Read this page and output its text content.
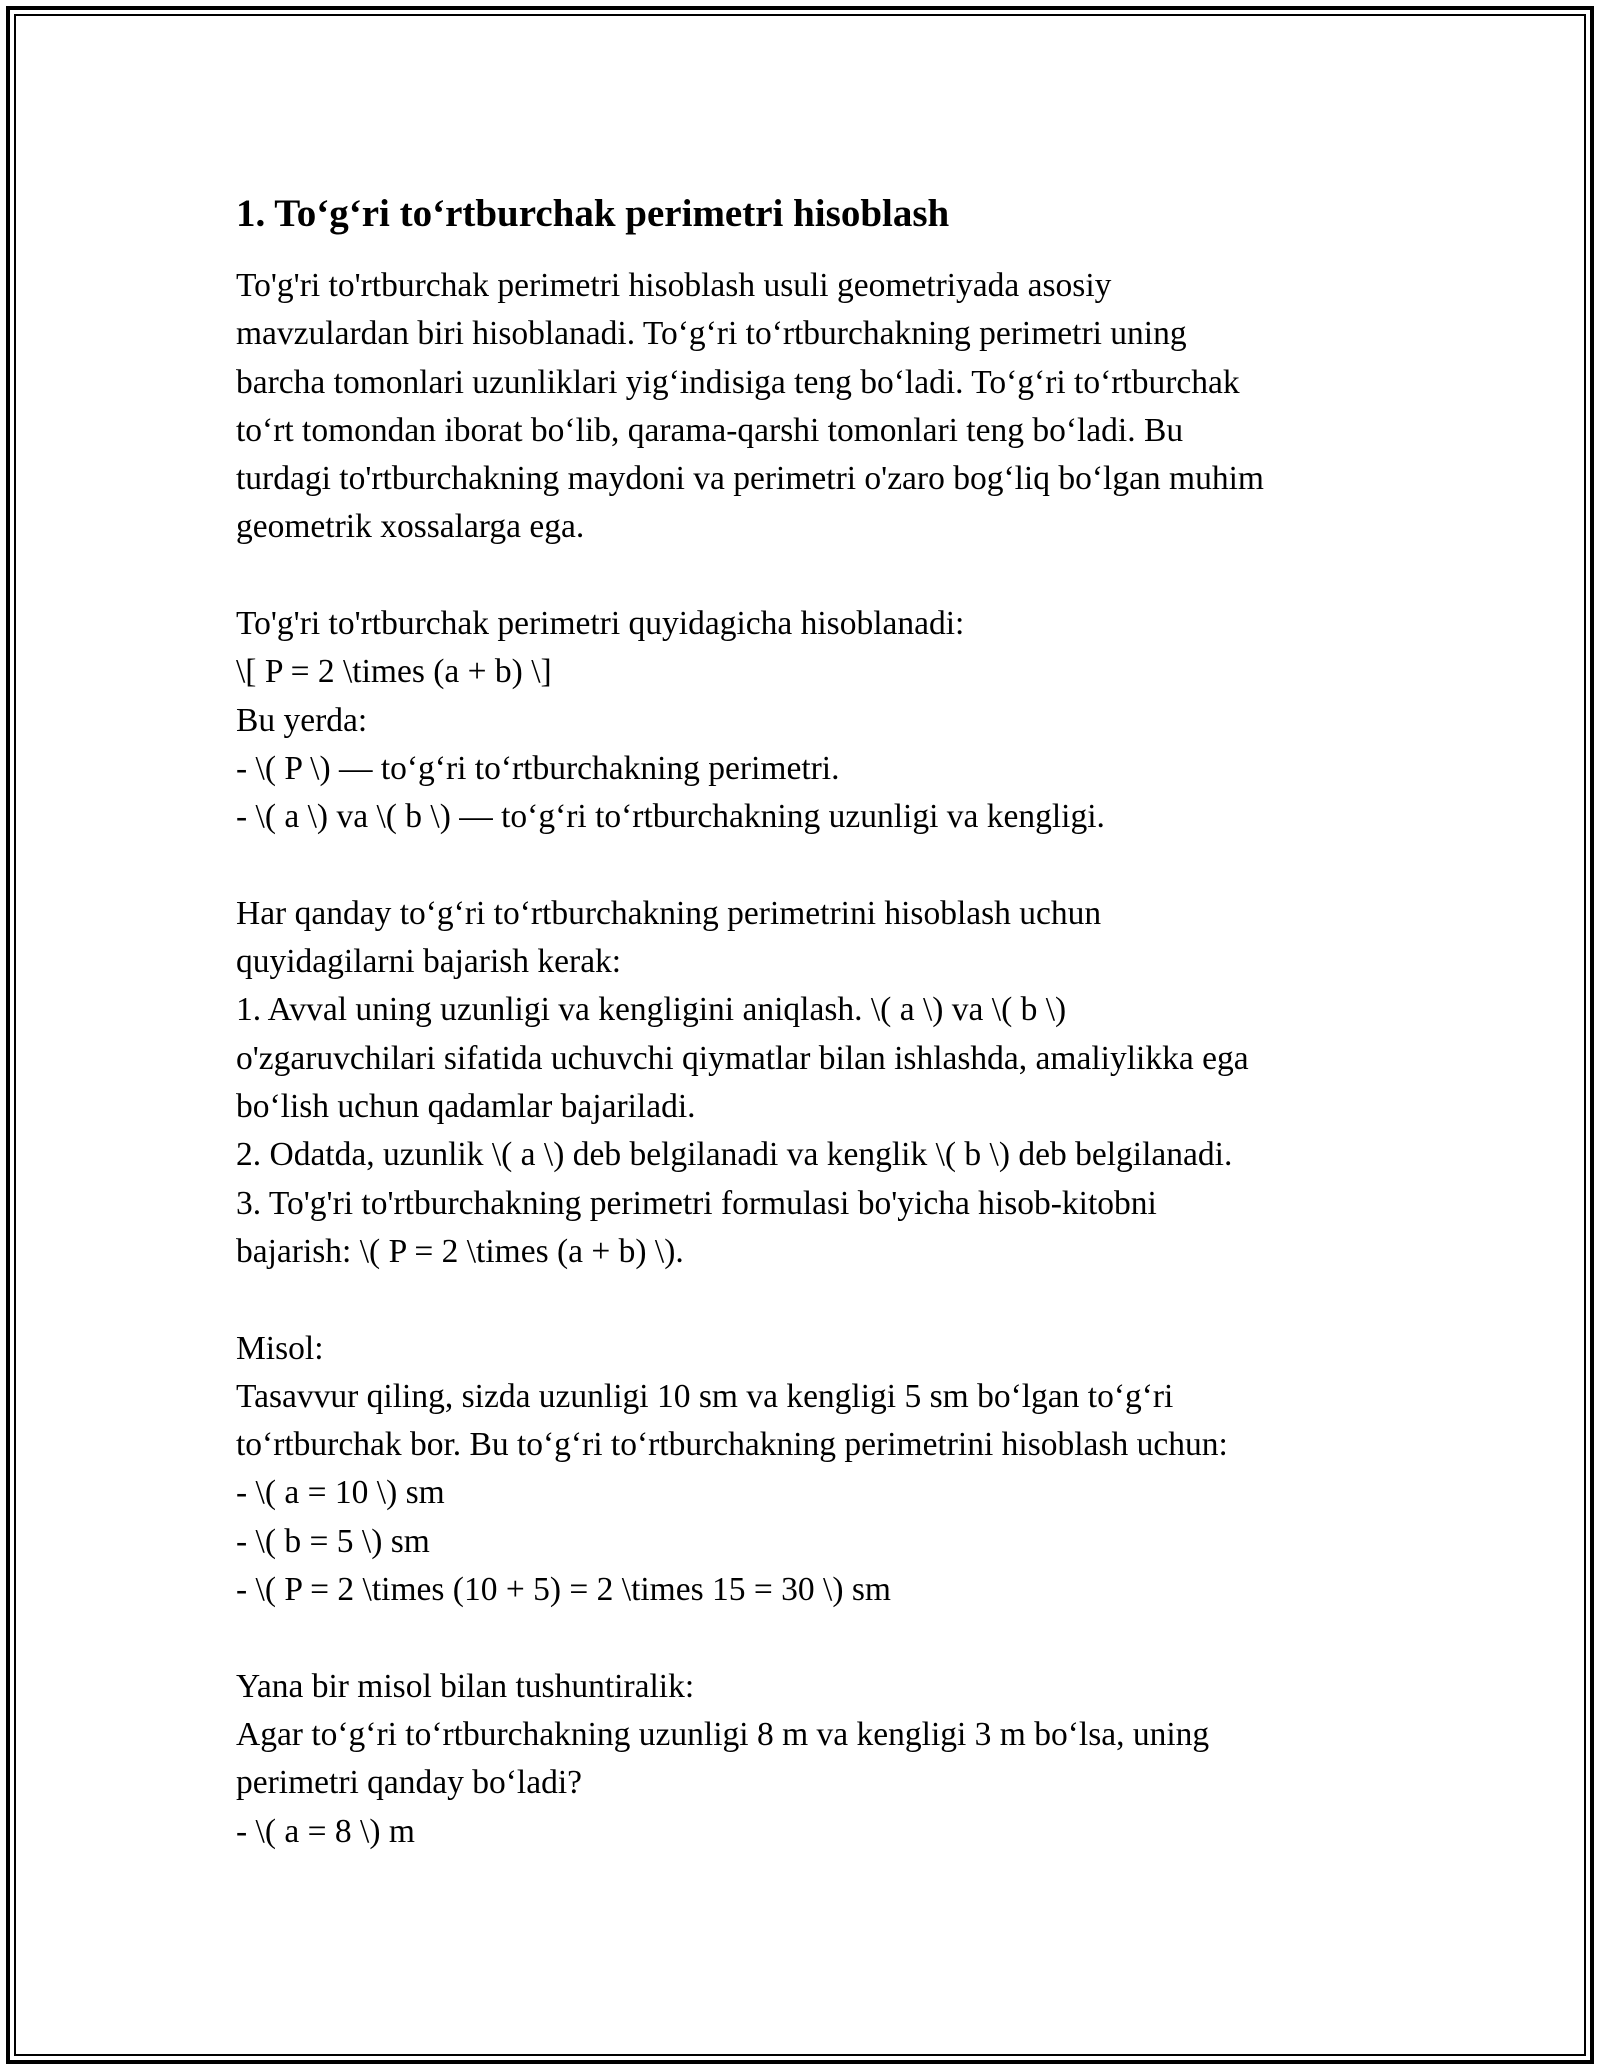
1. To‘g‘ri to‘rtburchak perimetri hisoblash
To'g'ri to'rtburchak perimetri hisoblash usuli geometriyada asosiy
mavzulardan biri hisoblanadi. To‘g‘ri to‘rtburchakning perimetri uning
barcha tomonlari uzunliklari yig‘indisiga teng bo‘ladi. To‘g‘ri to‘rtburchak
to‘rt tomondan iborat bo‘lib, qarama-qarshi tomonlari teng bo‘ladi. Bu
turdagi to'rtburchakning maydoni va perimetri o'zaro bog‘liq bo‘lgan muhim
geometrik xossalarga ega.
To'g'ri to'rtburchak perimetri quyidagicha hisoblanadi:
\[ P = 2 \times (a + b) \]
Bu yerda:
- \( P \) — to‘g‘ri to‘rtburchakning perimetri.
- \( a \) va \( b \) — to‘g‘ri to‘rtburchakning uzunligi va kengligi.
Har qanday to‘g‘ri to‘rtburchakning perimetrini hisoblash uchun
quyidagilarni bajarish kerak:
1. Avval uning uzunligi va kengligini aniqlash. \( a \) va \( b \)
o'zgaruvchilari sifatida uchuvchi qiymatlar bilan ishlashda, amaliylikka ega
bo‘lish uchun qadamlar bajariladi.
2. Odatda, uzunlik \( a \) deb belgilanadi va kenglik \( b \) deb belgilanadi.
3. To'g'ri to'rtburchakning perimetri formulasi bo'yicha hisob-kitobni
bajarish: \( P = 2 \times (a + b) \).
Misol:
Tasavvur qiling, sizda uzunligi 10 sm va kengligi 5 sm bo‘lgan to‘g‘ri
to‘rtburchak bor. Bu to‘g‘ri to‘rtburchakning perimetrini hisoblash uchun:
- \( a = 10 \) sm
- \( b = 5 \) sm
- \( P = 2 \times (10 + 5) = 2 \times 15 = 30 \) sm
Yana bir misol bilan tushuntiralik:
Agar to‘g‘ri to‘rtburchakning uzunligi 8 m va kengligi 3 m bo‘lsa, uning
perimetri qanday bo‘ladi?
- \( a = 8 \) m
